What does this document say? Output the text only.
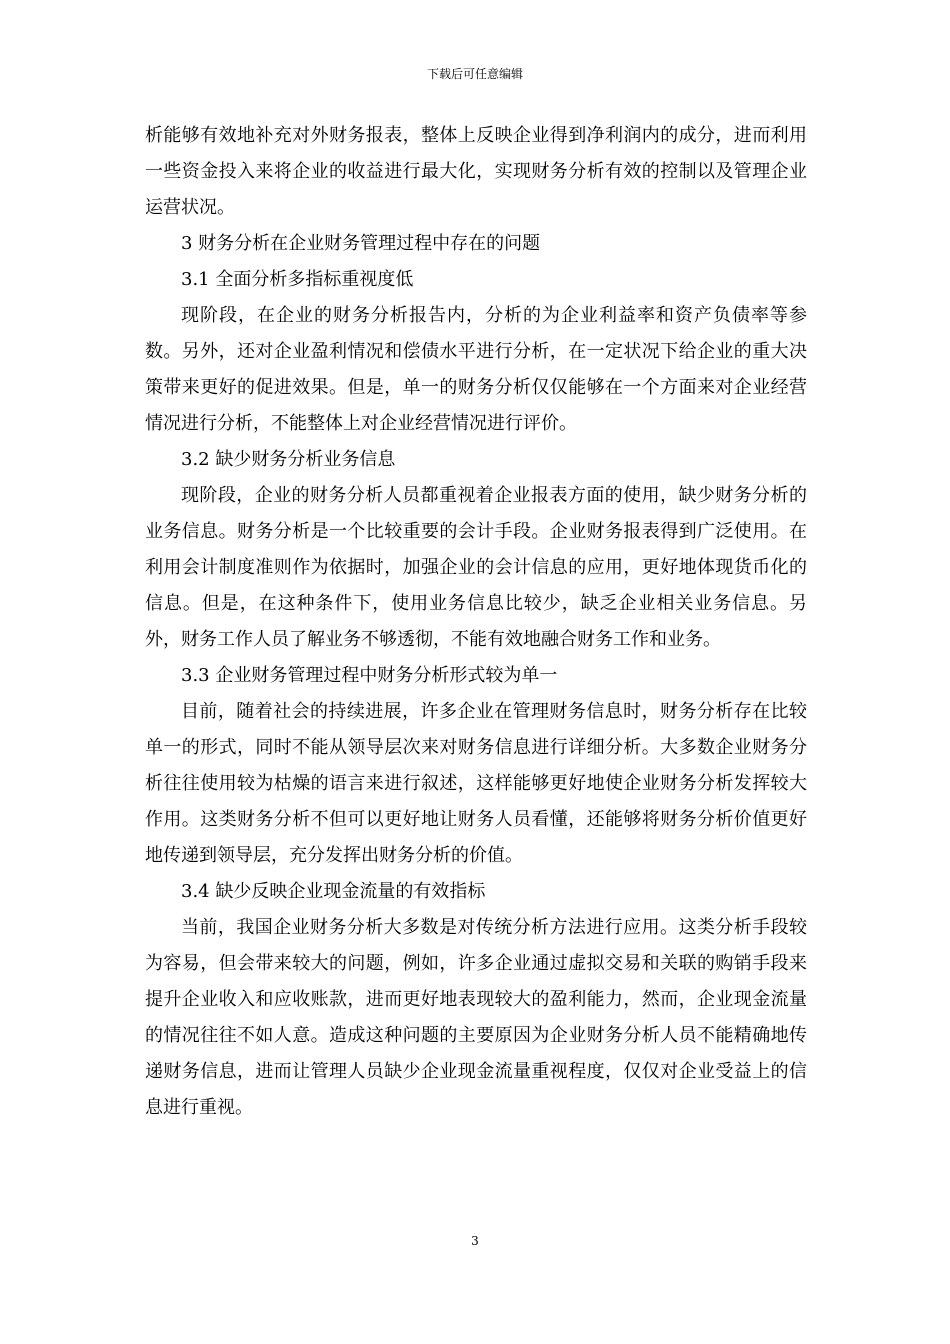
下载后可任意编辑

析能够有效地补充对外财务报表，整体上反映企业得到净利润内的成分，进而利用一些资金投入来将企业的收益进行最大化，实现财务分析有效的控制以及管理企业运营状况。

3 财务分析在企业财务管理过程中存在的问题

3.1 全面分析多指标重视度低

现阶段，在企业的财务分析报告内，分析的为企业利益率和资产负债率等参数。另外，还对企业盈利情况和偿债水平进行分析，在一定状况下给企业的重大决策带来更好的促进效果。但是，单一的财务分析仅仅能够在一个方面来对企业经营情况进行分析，不能整体上对企业经营情况进行评价。

3.2 缺少财务分析业务信息

现阶段，企业的财务分析人员都重视着企业报表方面的使用，缺少财务分析的业务信息。财务分析是一个比较重要的会计手段。企业财务报表得到广泛使用。在利用会计制度准则作为依据时，加强企业的会计信息的应用，更好地体现货币化的信息。但是，在这种条件下，使用业务信息比较少，缺乏企业相关业务信息。另外，财务工作人员了解业务不够透彻，不能有效地融合财务工作和业务。

3.3 企业财务管理过程中财务分析形式较为单一

目前，随着社会的持续进展，许多企业在管理财务信息时，财务分析存在比较单一的形式，同时不能从领导层次来对财务信息进行详细分析。大多数企业财务分析往往使用较为枯燥的语言来进行叙述，这样能够更好地使企业财务分析发挥较大作用。这类财务分析不但可以更好地让财务人员看懂，还能够将财务分析价值更好地传递到领导层，充分发挥出财务分析的价值。

3.4 缺少反映企业现金流量的有效指标

当前，我国企业财务分析大多数是对传统分析方法进行应用。这类分析手段较为容易，但会带来较大的问题，例如，许多企业通过虚拟交易和关联的购销手段来提升企业收入和应收账款，进而更好地表现较大的盈利能力，然而，企业现金流量的情况往往不如人意。造成这种问题的主要原因为企业财务分析人员不能精确地传递财务信息，进而让管理人员缺少企业现金流量重视程度，仅仅对企业受益上的信息进行重视。

3
